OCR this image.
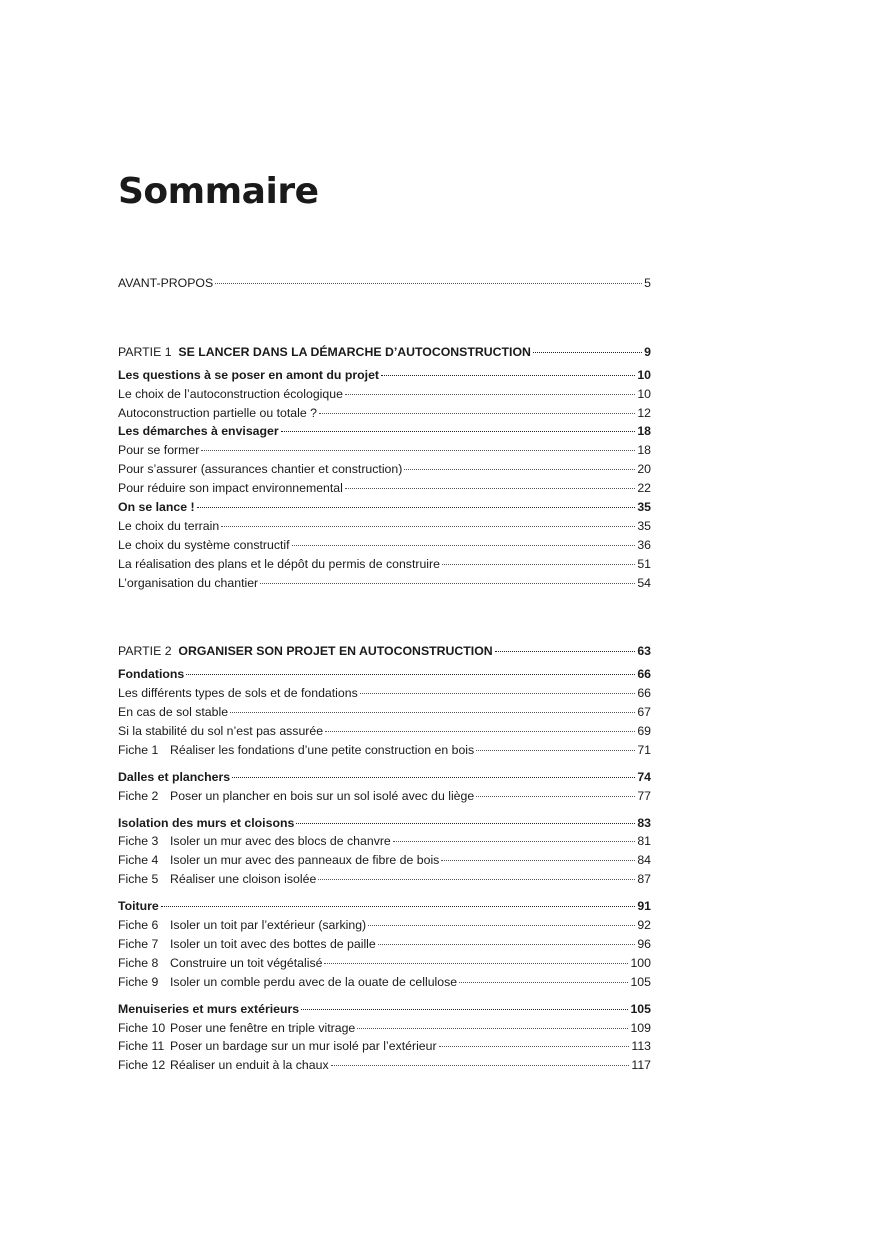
Sommaire
AVANT-PROPOS	5
PARTIE 1 SE LANCER DANS LA DÉMARCHE D’AUTOCONSTRUCTION	9
Les questions à se poser en amont du projet	10
Le choix de l’autoconstruction écologique	10
Autoconstruction partielle ou totale ?	12
Les démarches à envisager	18
Pour se former	18
Pour s’assurer (assurances chantier et construction)	20
Pour réduire son impact environnemental	22
On se lance !	35
Le choix du terrain	35
Le choix du système constructif	36
La réalisation des plans et le dépôt du permis de construire	51
L’organisation du chantier	54
PARTIE 2 ORGANISER SON PROJET EN AUTOCONSTRUCTION	63
Fondations	66
Les différents types de sols et de fondations	66
En cas de sol stable	67
Si la stabilité du sol n’est pas assurée	69
Fiche 1 Réaliser les fondations d’une petite construction en bois	71
Dalles et planchers	74
Fiche 2 Poser un plancher en bois sur un sol isolé avec du liège	77
Isolation des murs et cloisons	83
Fiche 3 Isoler un mur avec des blocs de chanvre	81
Fiche 4 Isoler un mur avec des panneaux de fibre de bois	84
Fiche 5 Réaliser une cloison isolée	87
Toiture	91
Fiche 6 Isoler un toit par l’extérieur (sarking)	92
Fiche 7 Isoler un toit avec des bottes de paille	96
Fiche 8 Construire un toit végétalisé	100
Fiche 9 Isoler un comble perdu avec de la ouate de cellulose	105
Menuiseries et murs extérieurs	105
Fiche 10 Poser une fenêtre en triple vitrage	109
Fiche 11 Poser un bardage sur un mur isolé par l’extérieur	113
Fiche 12 Réaliser un enduit à la chaux	117
